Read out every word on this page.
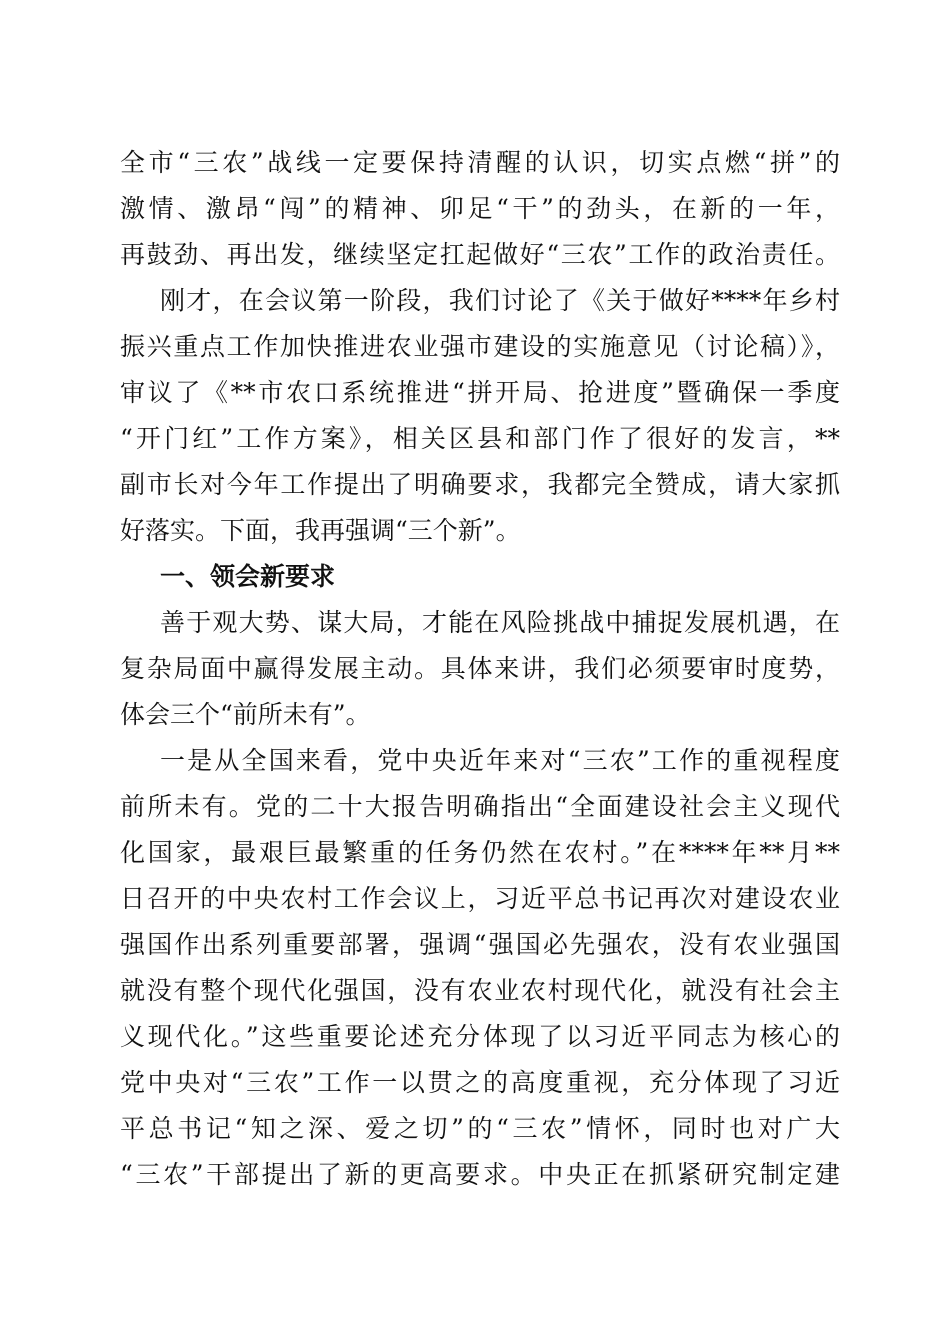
全市“三农”战线一定要保持清醒的认识，切实点燃“拼”的
激情、激昂“闯”的精神、卯足“干”的劲头，在新的一年，
再鼓劲、再出发，继续坚定扛起做好“三农”工作的政治责任。
刚才，在会议第一阶段，我们讨论了《关于做好****年乡村
振兴重点工作加快推进农业强市建设的实施意见（讨论稿）》，
审议了《**市农口系统推进“拼开局、抢进度”暨确保一季度
“开门红”工作方案》，相关区县和部门作了很好的发言，**
副市长对今年工作提出了明确要求，我都完全赞成，请大家抓
好落实。下面，我再强调“三个新”。
一、领会新要求
善于观大势、谋大局，才能在风险挑战中捕捉发展机遇，在
复杂局面中赢得发展主动。具体来讲，我们必须要审时度势，
体会三个“前所未有”。
一是从全国来看，党中央近年来对“三农”工作的重视程度
前所未有。党的二十大报告明确指出“全面建设社会主义现代
化国家，最艰巨最繁重的任务仍然在农村。”在****年**月**
日召开的中央农村工作会议上，习近平总书记再次对建设农业
强国作出系列重要部署，强调“强国必先强农，没有农业强国
就没有整个现代化强国，没有农业农村现代化，就没有社会主
义现代化。”这些重要论述充分体现了以习近平同志为核心的
党中央对“三农”工作一以贯之的高度重视，充分体现了习近
平总书记“知之深、爱之切”的“三农”情怀，同时也对广大
“三农”干部提出了新的更高要求。中央正在抓紧研究制定建
